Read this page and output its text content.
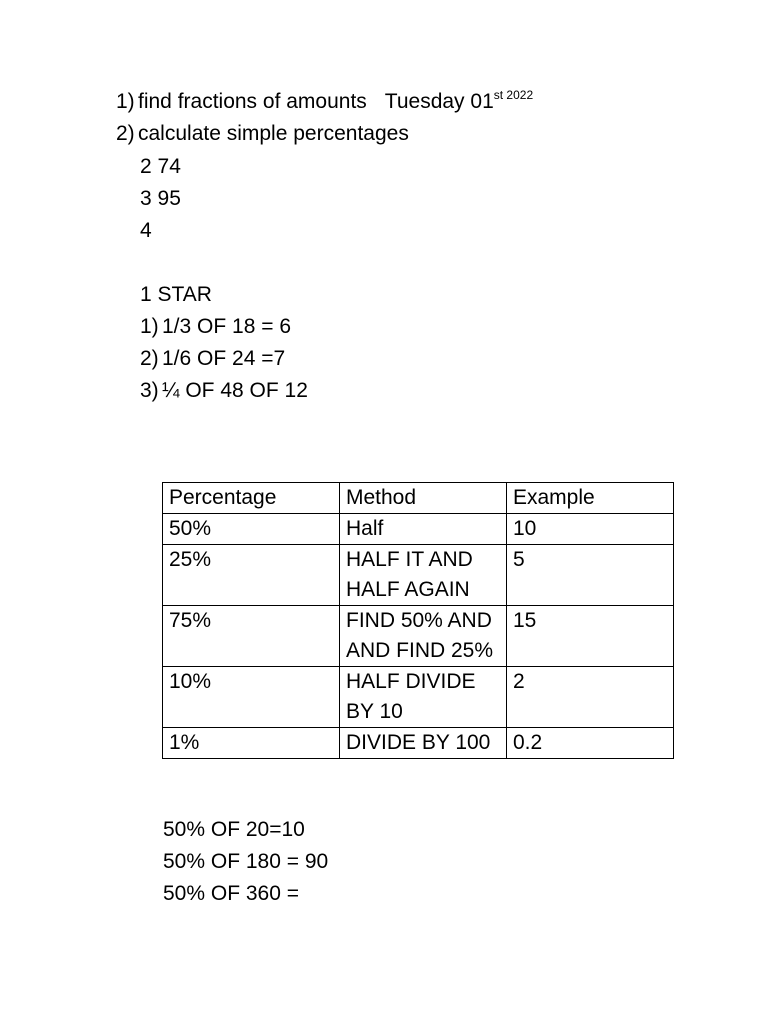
1) find fractions of amounts Tuesday $01^{st 2022}$
2) calculate simple percentages
2 74
3 95
4
1 STAR
1) 1/3 OF 18 = 6
2) 1/6 OF 24 =7
3) ¼ OF 48 OF 12
Percentage	Method	Example
50%	Half	10
25%	HALF IT AND HALF AGAIN	5
75%	FIND 50% AND AND FIND 25%	15
10%	HALF DIVIDE BY 10	2
1%	DIVIDE BY 100	0.2
50% OF 20=10
50% OF 180 = 90
50% OF 360 =
